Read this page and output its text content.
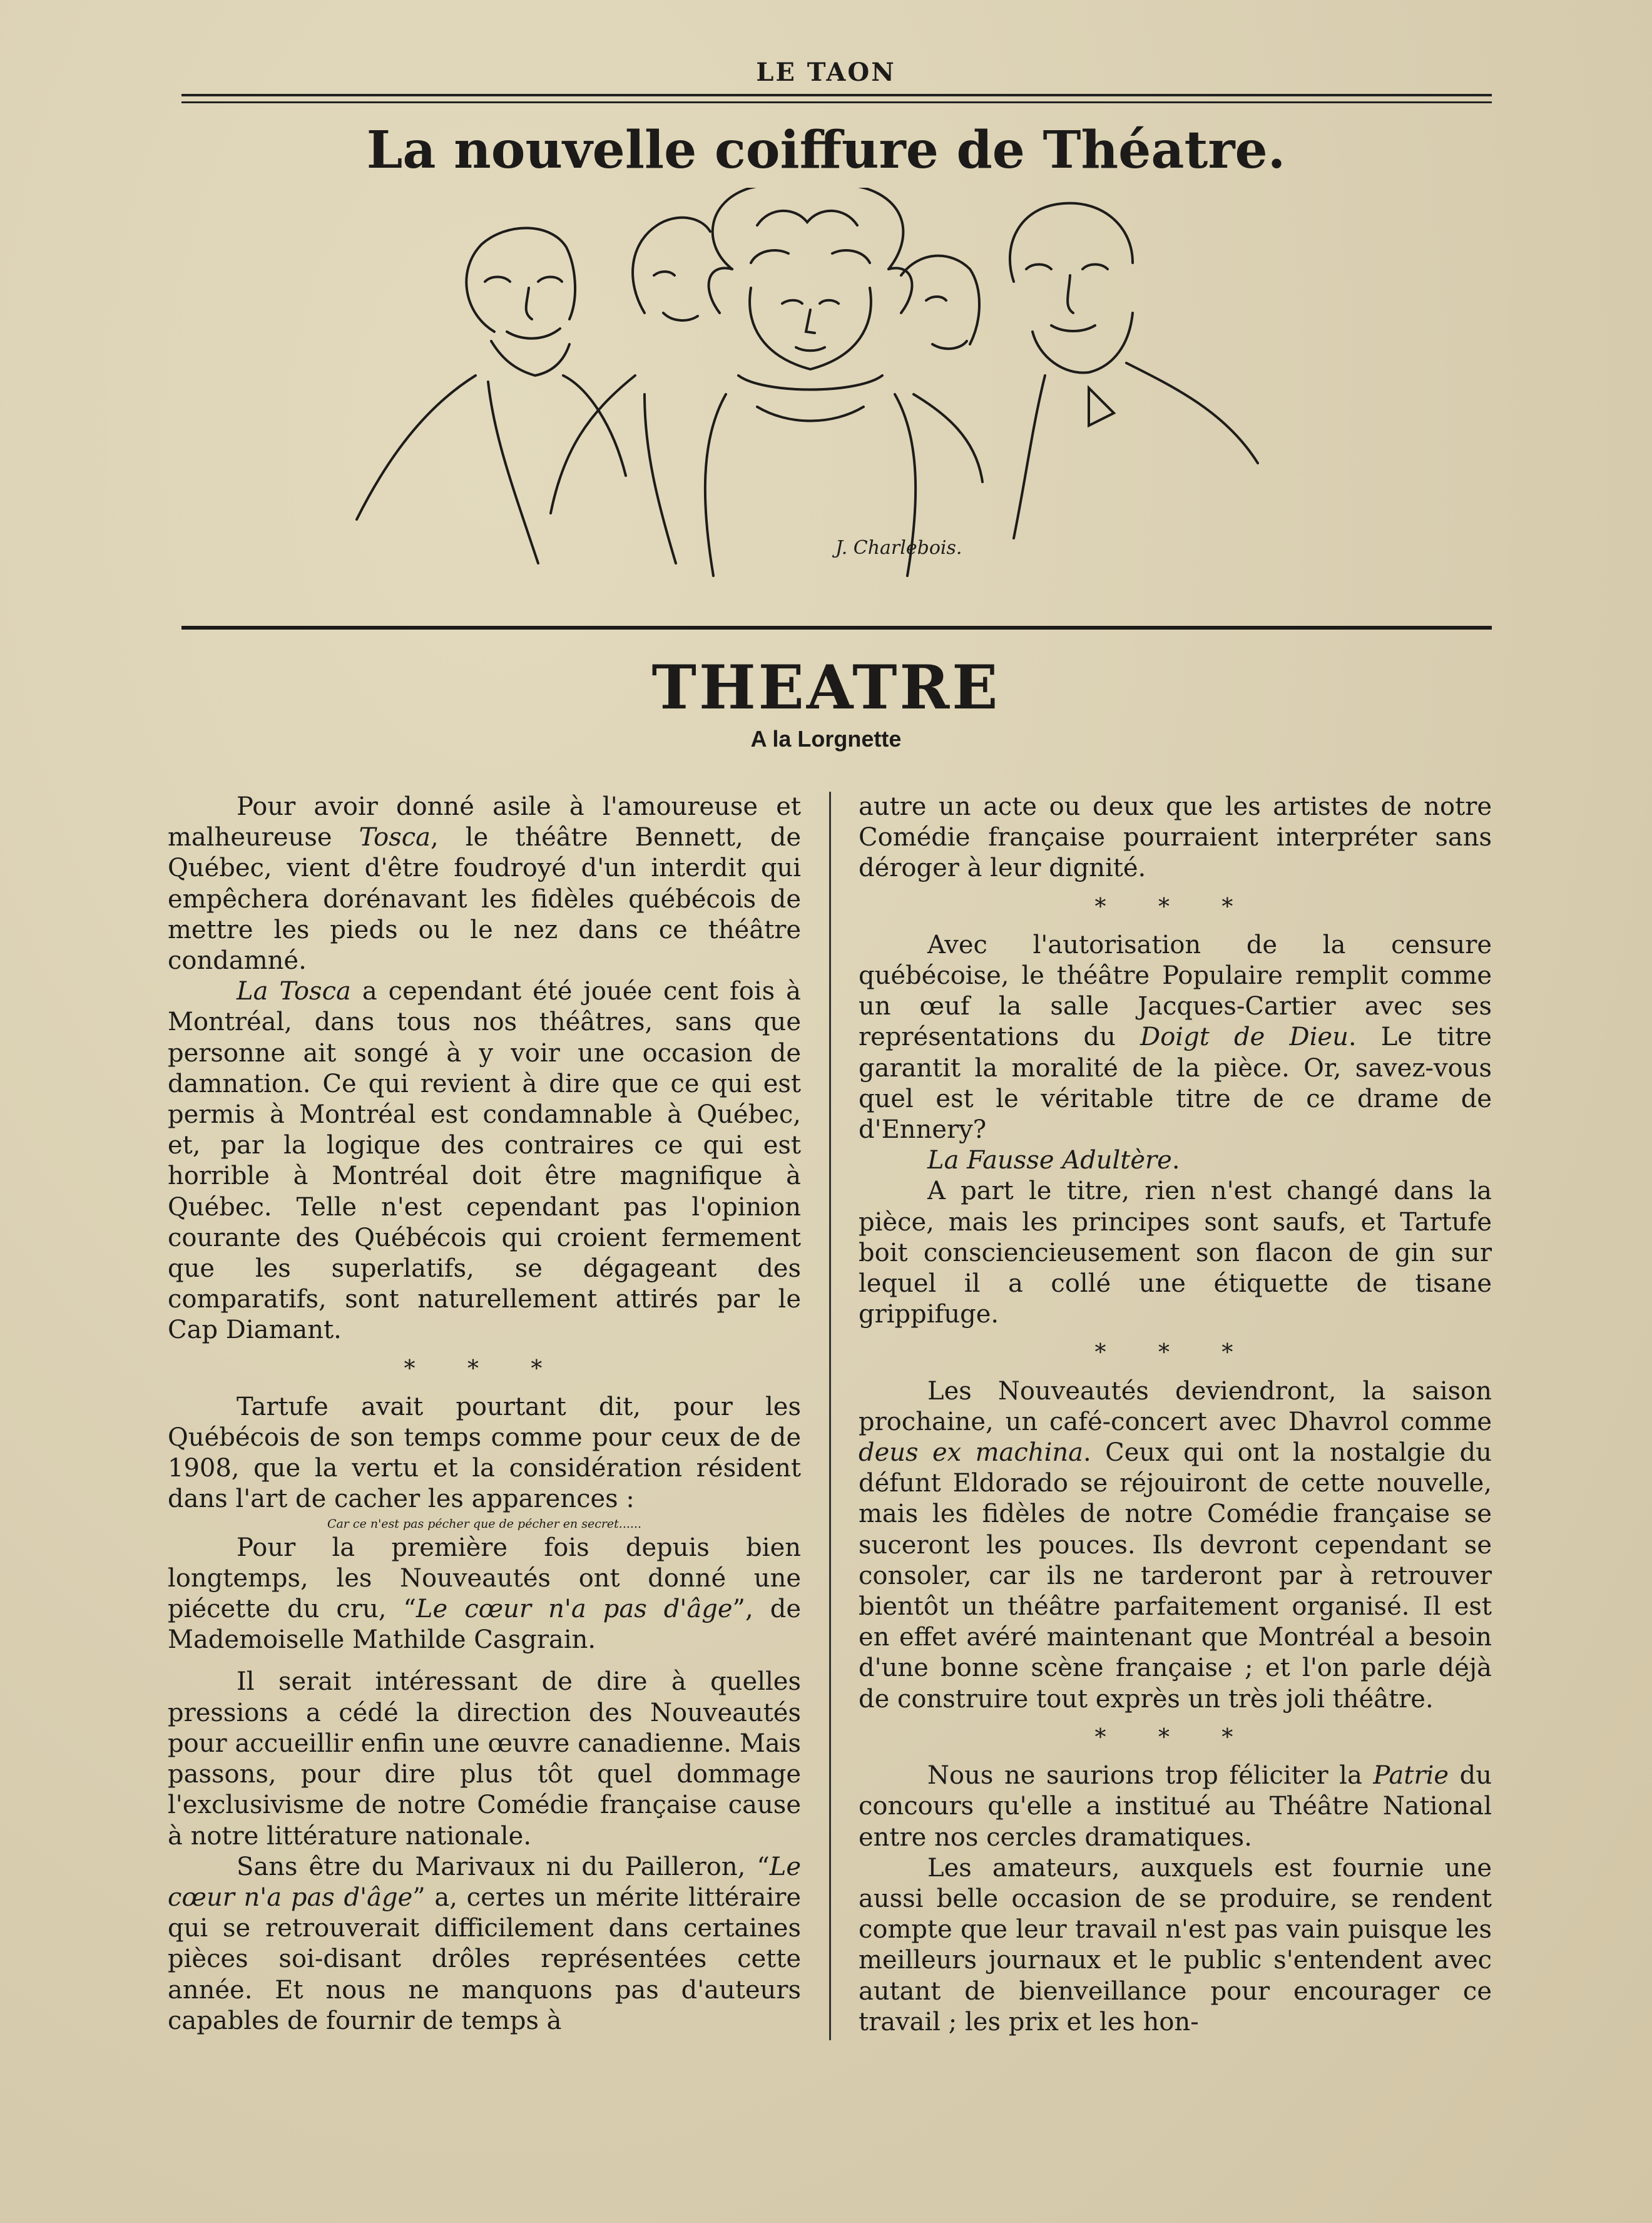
LE TAON
La nouvelle coiffure de Théatre.
J. Charlebois.
THEATRE
A la Lorgnette

Pour avoir donné asile à l'amoureuse et malheureuse Tosca, le théâtre Bennett, de Québec, vient d'être foudroyé d'un interdit qui empêchera dorénavant les fidèles québécois de mettre les pieds ou le nez dans ce théâtre condamné.

La Tosca a cependant été jouée cent fois à Montréal, dans tous nos théâtres, sans que personne ait songé à y voir une occasion de damnation. Ce qui revient à dire que ce qui est permis à Montréal est condamnable à Québec, et, par la logique des contraires ce qui est horrible à Montréal doit être magnifique à Québec. Telle n'est cependant pas l'opinion courante des Québécois qui croient fermement que les superlatifs, se dégageant des comparatifs, sont naturellement attirés par le Cap Diamant.

* * *

Tartufe avait pourtant dit, pour les Québécois de son temps comme pour ceux de de 1908, que la vertu et la considération résident dans l'art de cacher les apparences :

Car ce n'est pas pécher que de pécher en secret......

Pour la première fois depuis bien longtemps, les Nouveautés ont donné une piécette du cru, “Le cœur n'a pas d'âge”, de Mademoiselle Mathilde Casgrain.

Il serait intéressant de dire à quelles pressions a cédé la direction des Nouveautés pour accueillir enfin une œuvre canadienne. Mais passons, pour dire plus tôt quel dommage l'exclusivisme de notre Comédie française cause à notre littérature nationale.

Sans être du Marivaux ni du Pailleron, “Le cœur n'a pas d'âge” a, certes un mérite littéraire qui se retrouverait difficilement dans certaines pièces soi-disant drôles représentées cette année. Et nous ne manquons pas d'auteurs capables de fournir de temps à

autre un acte ou deux que les artistes de notre Comédie française pourraient interpréter sans déroger à leur dignité.

* * *

Avec l'autorisation de la censure québécoise, le théâtre Populaire remplit comme un œuf la salle Jacques-Cartier avec ses représentations du Doigt de Dieu. Le titre garantit la moralité de la pièce. Or, savez-vous quel est le véritable titre de ce drame de d'Ennery?

La Fausse Adultère.

A part le titre, rien n'est changé dans la pièce, mais les principes sont saufs, et Tartufe boit consciencieusement son flacon de gin sur lequel il a collé une étiquette de tisane grippifuge.

* * *

Les Nouveautés deviendront, la saison prochaine, un café-concert avec Dhavrol comme deus ex machina. Ceux qui ont la nostalgie du défunt Eldorado se réjouiront de cette nouvelle, mais les fidèles de notre Comédie française se suceront les pouces. Ils devront cependant se consoler, car ils ne tarderont par à retrouver bientôt un théâtre parfaitement organisé. Il est en effet avéré maintenant que Montréal a besoin d'une bonne scène française ; et l'on parle déjà de construire tout exprès un très joli théâtre.

* * *

Nous ne saurions trop féliciter la Patrie du concours qu'elle a institué au Théâtre National entre nos cercles dramatiques.

Les amateurs, auxquels est fournie une aussi belle occasion de se produire, se rendent compte que leur travail n'est pas vain puisque les meilleurs journaux et le public s'entendent avec autant de bienveillance pour encourager ce travail ; les prix et les hon-
